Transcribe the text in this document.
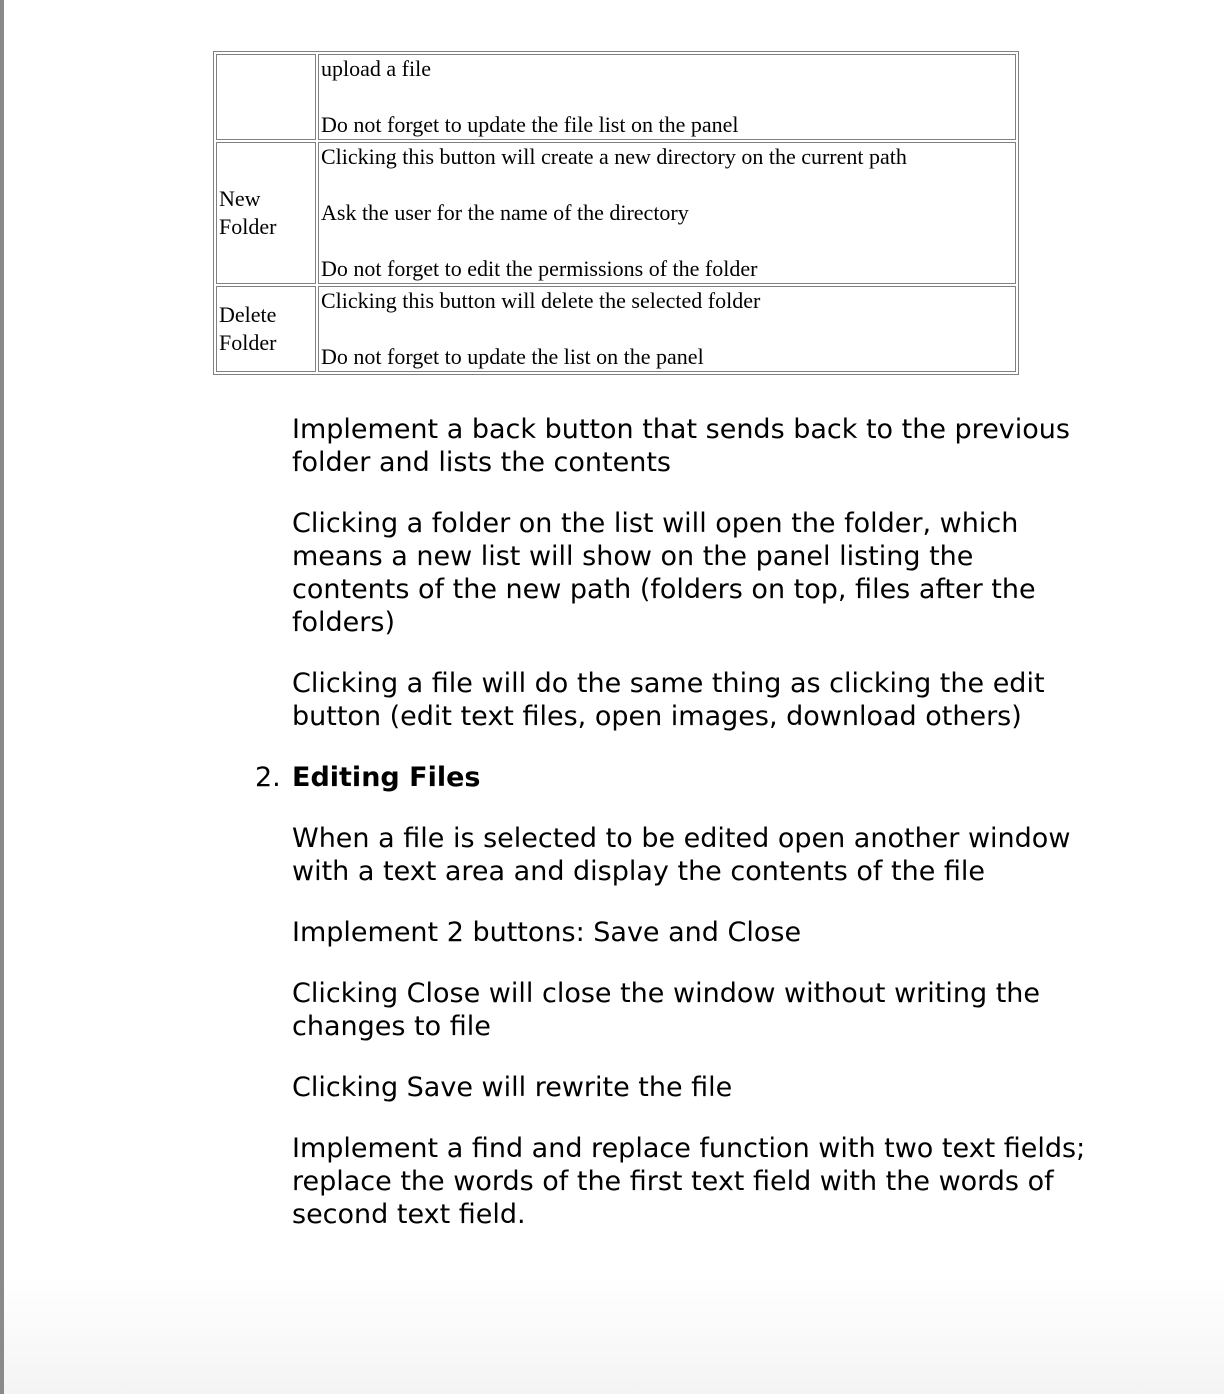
	upload a file

Do not forget to update the file list on the panel

New Folder	Clicking this button will create a new directory on the current path

Ask the user for the name of the directory

Do not forget to edit the permissions of the folder

Delete Folder	Clicking this button will delete the selected folder

Do not forget to update the list on the panel

Implement a back button that sends back to the previous folder and lists the contents

Clicking a folder on the list will open the folder, which means a new list will show on the panel listing the contents of the new path (folders on top, files after the folders)

Clicking a file will do the same thing as clicking the edit button (edit text files, open images, download others)

2. Editing Files

When a file is selected to be edited open another window with a text area and display the contents of the file

Implement 2 buttons: Save and Close

Clicking Close will close the window without writing the changes to file

Clicking Save will rewrite the file

Implement a find and replace function with two text fields; replace the words of the first text field with the words of second text field.
